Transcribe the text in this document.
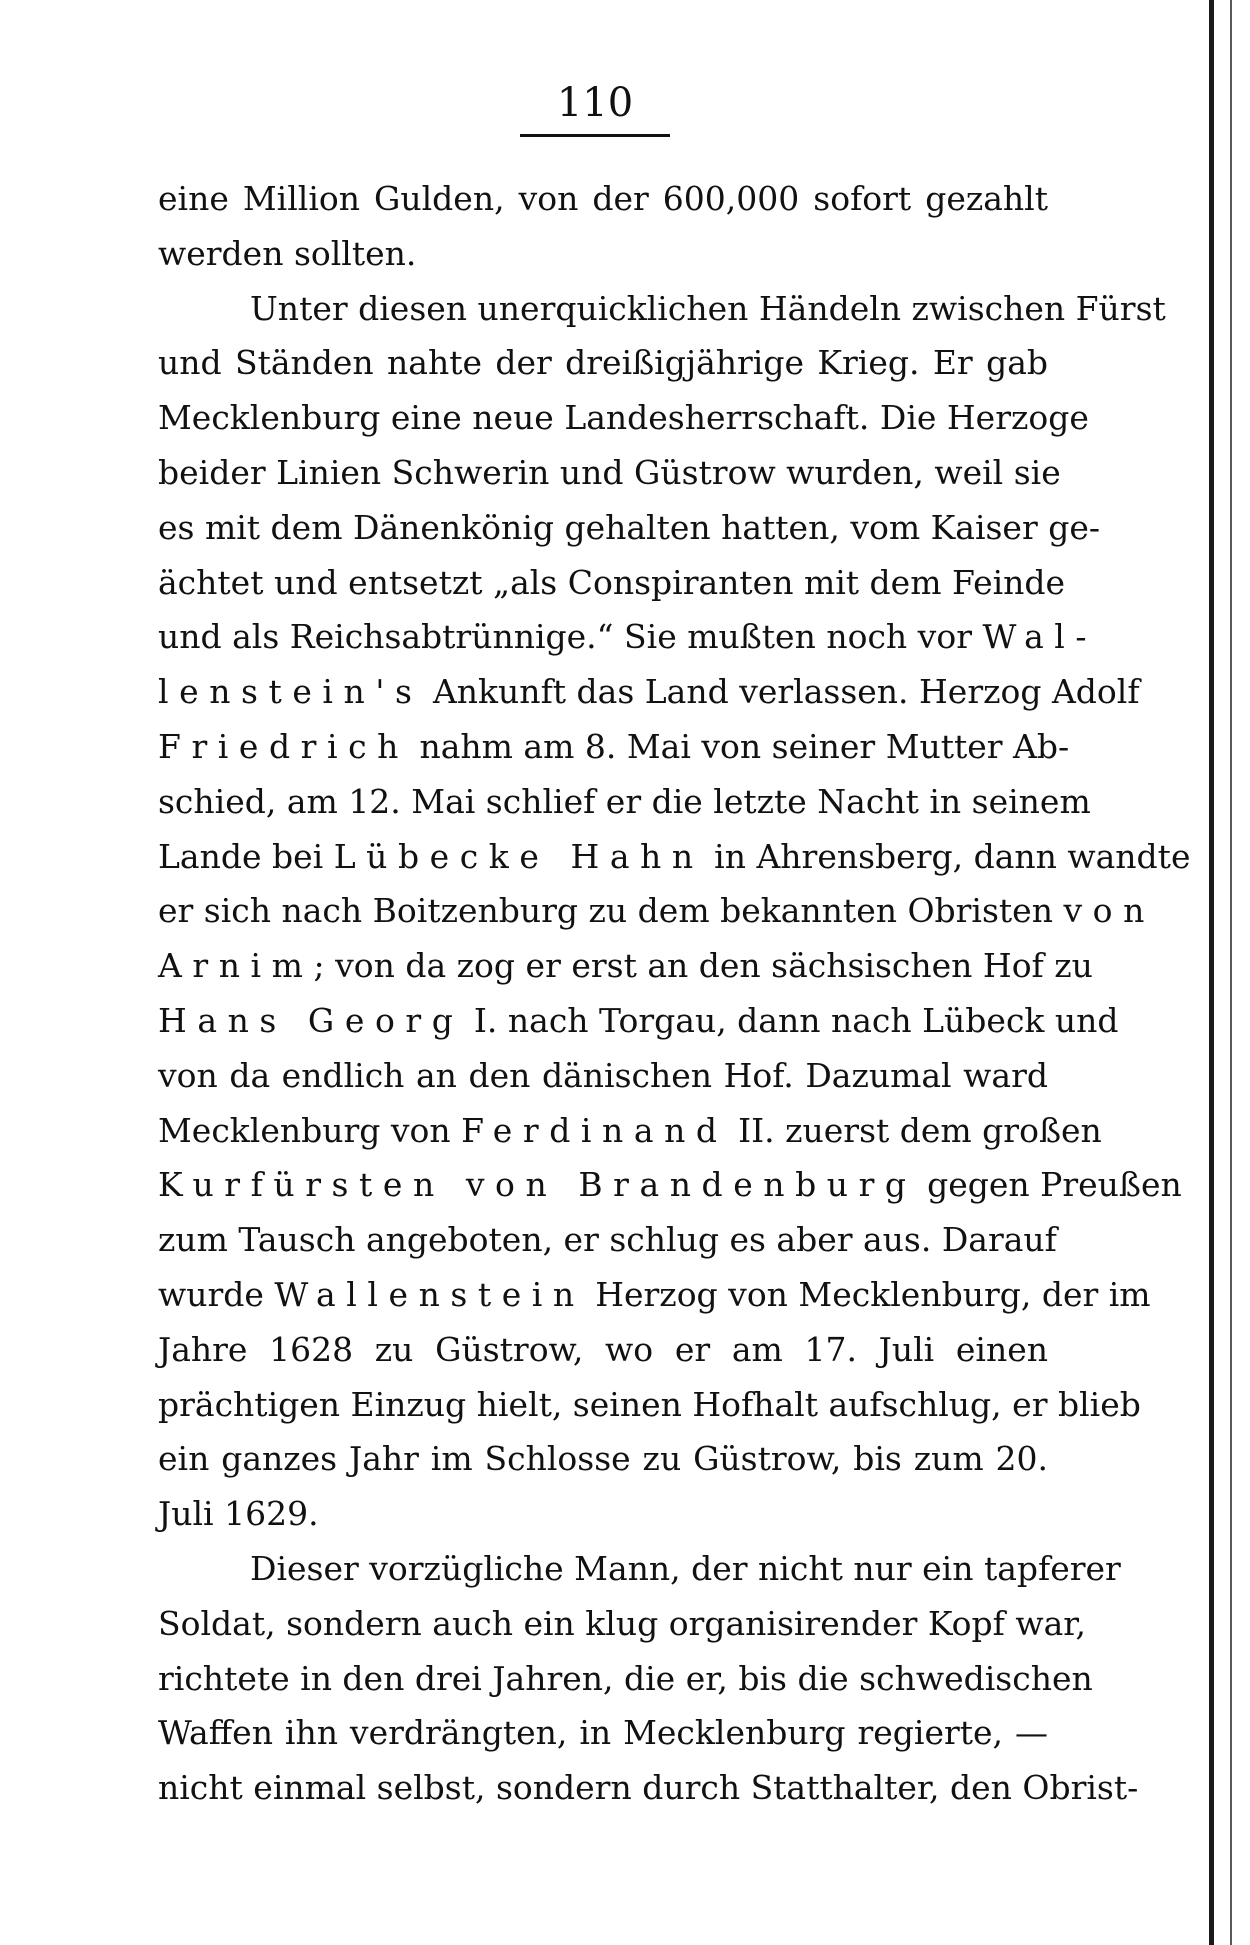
110
eine Million Gulden, von der 600,000 sofort gezahlt
werden sollten.
Unter diesen unerquicklichen Händeln zwischen Fürst
und Ständen nahte der dreißigjährige Krieg. Er gab
Mecklenburg eine neue Landesherrschaft. Die Herzoge
beider Linien Schwerin und Güstrow wurden, weil sie
es mit dem Dänenkönig gehalten hatten, vom Kaiser ge-
ächtet und entsetzt „als Conspiranten mit dem Feinde
und als Reichsabtrünnige.“ Sie mußten noch vor Wal-
lenstein's Ankunft das Land verlassen. Herzog Adolf
Friedrich nahm am 8. Mai von seiner Mutter Ab-
schied, am 12. Mai schlief er die letzte Nacht in seinem
Lande bei Lübecke Hahn in Ahrensberg, dann wandte
er sich nach Boitzenburg zu dem bekannten Obristen von
Arnim; von da zog er erst an den sächsischen Hof zu
Hans Georg I. nach Torgau, dann nach Lübeck und
von da endlich an den dänischen Hof. Dazumal ward
Mecklenburg von Ferdinand II. zuerst dem großen
Kurfürsten von Brandenburg gegen Preußen
zum Tausch angeboten, er schlug es aber aus. Darauf
wurde Wallenstein Herzog von Mecklenburg, der im
Jahre 1628 zu Güstrow, wo er am 17. Juli einen
prächtigen Einzug hielt, seinen Hofhalt aufschlug, er blieb
ein ganzes Jahr im Schlosse zu Güstrow, bis zum 20.
Juli 1629.
Dieser vorzügliche Mann, der nicht nur ein tapferer
Soldat, sondern auch ein klug organisirender Kopf war,
richtete in den drei Jahren, die er, bis die schwedischen
Waffen ihn verdrängten, in Mecklenburg regierte, —
nicht einmal selbst, sondern durch Statthalter, den Obrist-
